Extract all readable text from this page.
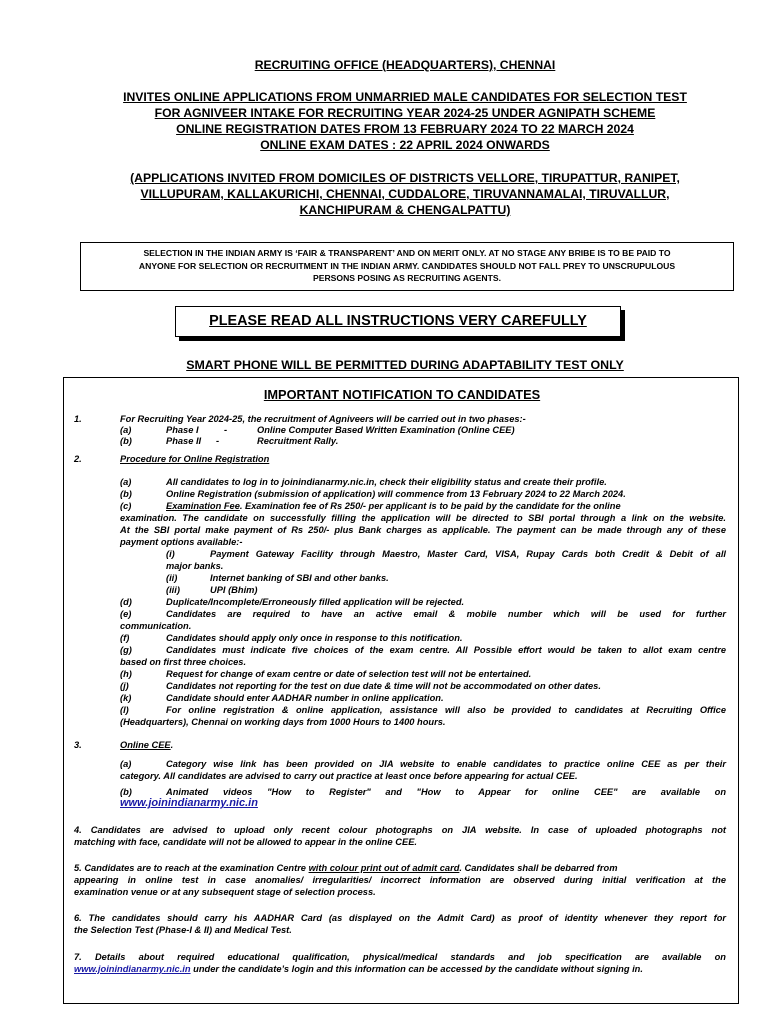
RECRUITING OFFICE (HEADQUARTERS), CHENNAI
INVITES ONLINE APPLICATIONS FROM UNMARRIED MALE CANDIDATES FOR SELECTION TEST
FOR AGNIVEER INTAKE FOR RECRUITING YEAR 2024-25 UNDER AGNIPATH SCHEME
ONLINE REGISTRATION DATES FROM 13 FEBRUARY 2024 TO 22 MARCH 2024
ONLINE EXAM DATES : 22 APRIL 2024 ONWARDS
(APPLICATIONS INVITED FROM DOMICILES OF DISTRICTS VELLORE, TIRUPATTUR, RANIPET,
VILLUPURAM, KALLAKURICHI, CHENNAI, CUDDALORE, TIRUVANNAMALAI, TIRUVALLUR,
KANCHIPURAM & CHENGALPATTU)
SELECTION IN THE INDIAN ARMY IS ‘FAIR & TRANSPARENT’ AND ON MERIT ONLY. AT NO STAGE ANY BRIBE IS TO BE PAID TO
ANYONE FOR SELECTION OR RECRUITMENT IN THE INDIAN ARMY. CANDIDATES SHOULD NOT FALL PREY TO UNSCRUPULOUS
PERSONS POSING AS RECRUITING AGENTS.
PLEASE READ ALL INSTRUCTIONS VERY CAREFULLY
SMART PHONE WILL BE PERMITTED DURING ADAPTABILITY TEST ONLY
IMPORTANT NOTIFICATION TO CANDIDATES
1.	For Recruiting Year 2024-25, the recruitment of Agniveers will be carried out in two phases:-
(a)	Phase I	-	Online Computer Based Written Examination (Online CEE)
(b)	Phase II -	Recruitment Rally.
2.	Procedure for Online Registration
(a)	All candidates to log in to joinindianarmy.nic.in, check their eligibility status and create their profile.
(b)	Online Registration (submission of application) will commence from 13 February 2024 to 22 March 2024.
(c)	Examination Fee. Examination fee of Rs 250/- per applicant is to be paid by the candidate for the online
examination. The candidate on successfully filling the application will be directed to SBI portal through a link on the website.
At the SBI portal make payment of Rs 250/- plus Bank charges as applicable. The payment can be made through any of these
payment options available:-
(i)	Payment Gateway Facility through Maestro, Master Card, VISA, Rupay Cards both Credit & Debit of all
major banks.
(ii)	Internet banking of SBI and other banks.
(iii)	UPI (Bhim)
(d)	Duplicate/Incomplete/Erroneously filled application will be rejected.
(e)	Candidates are required to have an active email & mobile number which will be used for further
communication.
(f)	Candidates should apply only once in response to this notification.
(g)	Candidates must indicate five choices of the exam centre. All Possible effort would be taken to allot exam centre
based on first three choices.
(h)	Request for change of exam centre or date of selection test will not be entertained.
(j)	Candidates not reporting for the test on due date & time will not be accommodated on other dates.
(k)	Candidate should enter AADHAR number in online application.
(l)	For online registration & online application, assistance will also be provided to candidates at Recruiting Office
(Headquarters), Chennai on working days from 1000 Hours to 1400 hours.
3.	Online CEE.
(a)	Category wise link has been provided on JIA website to enable candidates to practice online CEE as per their
category. All candidates are advised to carry out practice at least once before appearing for actual CEE.
(b)	Animated videos "How to Register" and "How to Appear for online CEE" are available on
www.joinindianarmy.nic.in
4. Candidates are advised to upload only recent colour photographs on JIA website. In case of uploaded photographs not
matching with face, candidate will not be allowed to appear in the online CEE.
5. Candidates are to reach at the examination Centre with colour print out of admit card. Candidates shall be debarred from
appearing in online test in case anomalies/ irregularities/ incorrect information are observed during initial verification at the
examination venue or at any subsequent stage of selection process.
6. The candidates should carry his AADHAR Card (as displayed on the Admit Card) as proof of identity whenever they report for
the Selection Test (Phase-I & II) and Medical Test.
7. Details about required educational qualification, physical/medical standards and job specification are available on
www.joinindianarmy.nic.in under the candidate’s login and this information can be accessed by the candidate without signing in.
